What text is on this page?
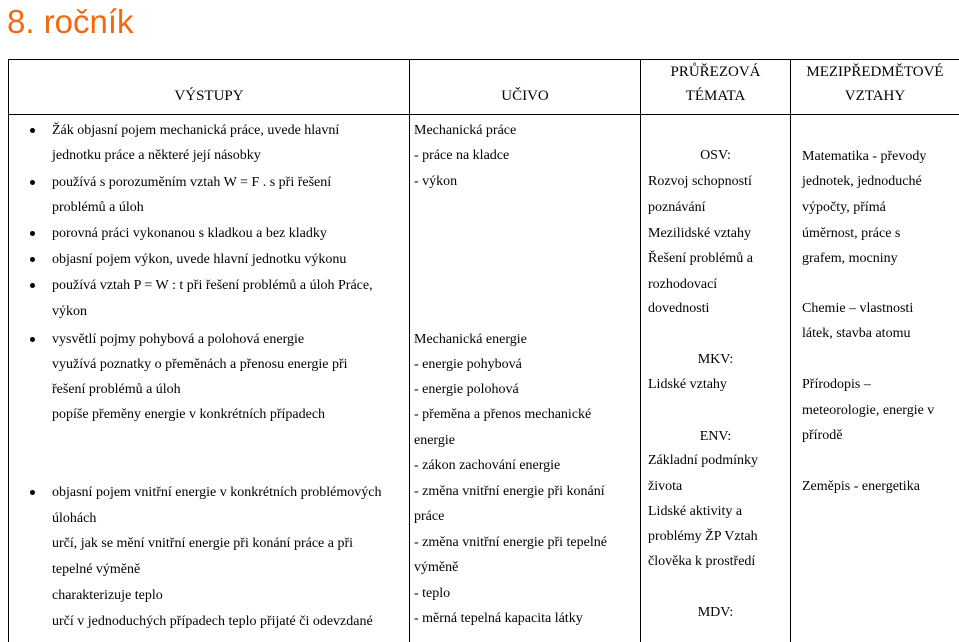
8. ročník
VÝSTUPY	UČIVO
PRŮŘEZOVÁ
TÉMATA
MEZIPŘEDMĚTOVÉ
VZTAHY
Žák objasní pojem mechanická práce, uvede hlavní
jednotku práce a některé její násobky
používá s porozuměním vztah W = F . s při řešení
problémů a úloh
porovná práci vykonanou s kladkou a bez kladky
objasní pojem výkon, uvede hlavní jednotku výkonu
používá vztah P = W : t při řešení problémů a úloh Práce,
výkon
vysvětlí pojmy pohybová a polohová energie
využívá poznatky o přeměnách a přenosu energie při
řešení problémů a úloh
popíše přeměny energie v konkrétních případech
objasní pojem vnitřní energie v konkrétních problémových
úlohách
určí, jak se mění vnitřní energie při konání práce a při
tepelné výměně
charakterizuje teplo
určí v jednoduchých případech teplo přijaté či odevzdané
Mechanická práce
- práce na kladce
- výkon
Mechanická energie
- energie pohybová
- energie polohová
- přeměna a přenos mechanické
energie
- zákon zachování energie
- změna vnitřní energie při konání
práce
- změna vnitřní energie při tepelné
výměně
- teplo
- měrná tepelná kapacita látky
OSV:
Rozvoj schopností
poznávání
Mezilidské vztahy
Řešení problémů a
rozhodovací
dovednosti
MKV:
Lidské vztahy
ENV:
Základní podmínky
života
Lidské aktivity a
problémy ŽP Vztah
člověka k prostředí
MDV:
Matematika - převody
jednotek, jednoduché
výpočty, přímá
úměrnost, práce s
grafem, mocniny
Chemie – vlastnosti
látek, stavba atomu
Přírodopis –
meteorologie, energie v
přírodě
Zeměpis - energetika
